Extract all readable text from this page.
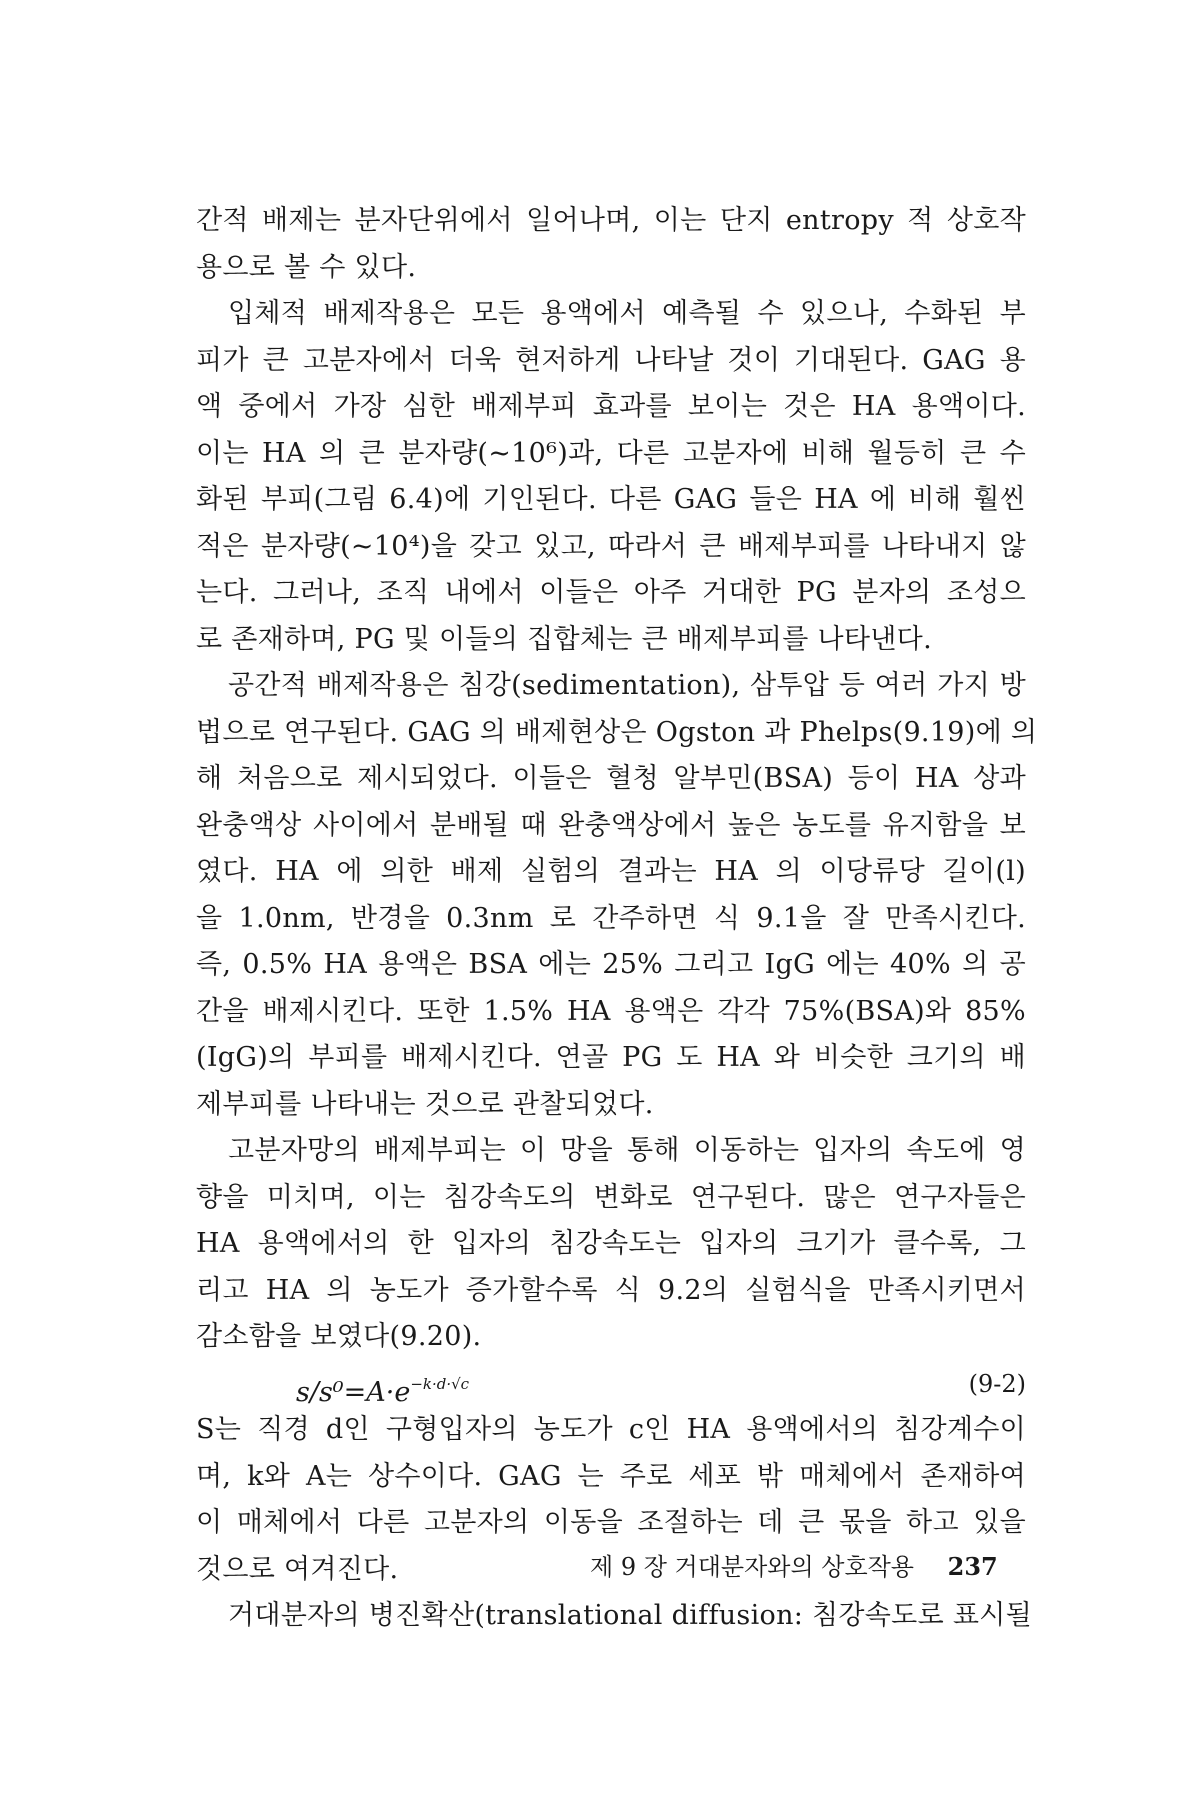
간적 배제는 분자단위에서 일어나며, 이는 단지 entropy 적 상호작
용으로 볼 수 있다.
입체적 배제작용은 모든 용액에서 예측될 수 있으나, 수화된 부
피가 큰 고분자에서 더욱 현저하게 나타날 것이 기대된다. GAG 용
액 중에서 가장 심한 배제부피 효과를 보이는 것은 HA 용액이다.
이는 HA 의 큰 분자량(~10⁶)과, 다른 고분자에 비해 월등히 큰 수
화된 부피(그림 6.4)에 기인된다. 다른 GAG 들은 HA 에 비해 훨씬
적은 분자량(~10⁴)을 갖고 있고, 따라서 큰 배제부피를 나타내지 않
는다. 그러나, 조직 내에서 이들은 아주 거대한 PG 분자의 조성으
로 존재하며, PG 및 이들의 집합체는 큰 배제부피를 나타낸다.
공간적 배제작용은 침강(sedimentation), 삼투압 등 여러 가지 방
법으로 연구된다. GAG 의 배제현상은 Ogston 과 Phelps(9.19)에 의
해 처음으로 제시되었다. 이들은 혈청 알부민(BSA) 등이 HA 상과
완충액상 사이에서 분배될 때 완충액상에서 높은 농도를 유지함을 보
였다. HA 에 의한 배제 실험의 결과는 HA 의 이당류당 길이(l)
을 1.0nm, 반경을 0.3nm 로 간주하면 식 9.1을 잘 만족시킨다.
즉, 0.5% HA 용액은 BSA 에는 25% 그리고 IgG 에는 40% 의 공
간을 배제시킨다. 또한 1.5% HA 용액은 각각 75%(BSA)와 85%
(IgG)의 부피를 배제시킨다. 연골 PG 도 HA 와 비슷한 크기의 배
제부피를 나타내는 것으로 관찰되었다.
고분자망의 배제부피는 이 망을 통해 이동하는 입자의 속도에 영
향을 미치며, 이는 침강속도의 변화로 연구된다. 많은 연구자들은
HA 용액에서의 한 입자의 침강속도는 입자의 크기가 클수록, 그
리고 HA 의 농도가 증가할수록 식 9.2의 실험식을 만족시키면서
감소함을 보였다(9.20).
$s/s^0=A\cdot e^{-k\cdot d\cdot√c}$	(9-2)
S는 직경 d인 구형입자의 농도가 c인 HA 용액에서의 침강계수이
며, k와 A는 상수이다. GAG 는 주로 세포 밖 매체에서 존재하여
이 매체에서 다른 고분자의 이동을 조절하는 데 큰 몫을 하고 있을
것으로 여겨진다.
거대분자의 병진확산(translational diffusion: 침강속도로 표시될
제 9 장 거대분자와의 상호작용 237
